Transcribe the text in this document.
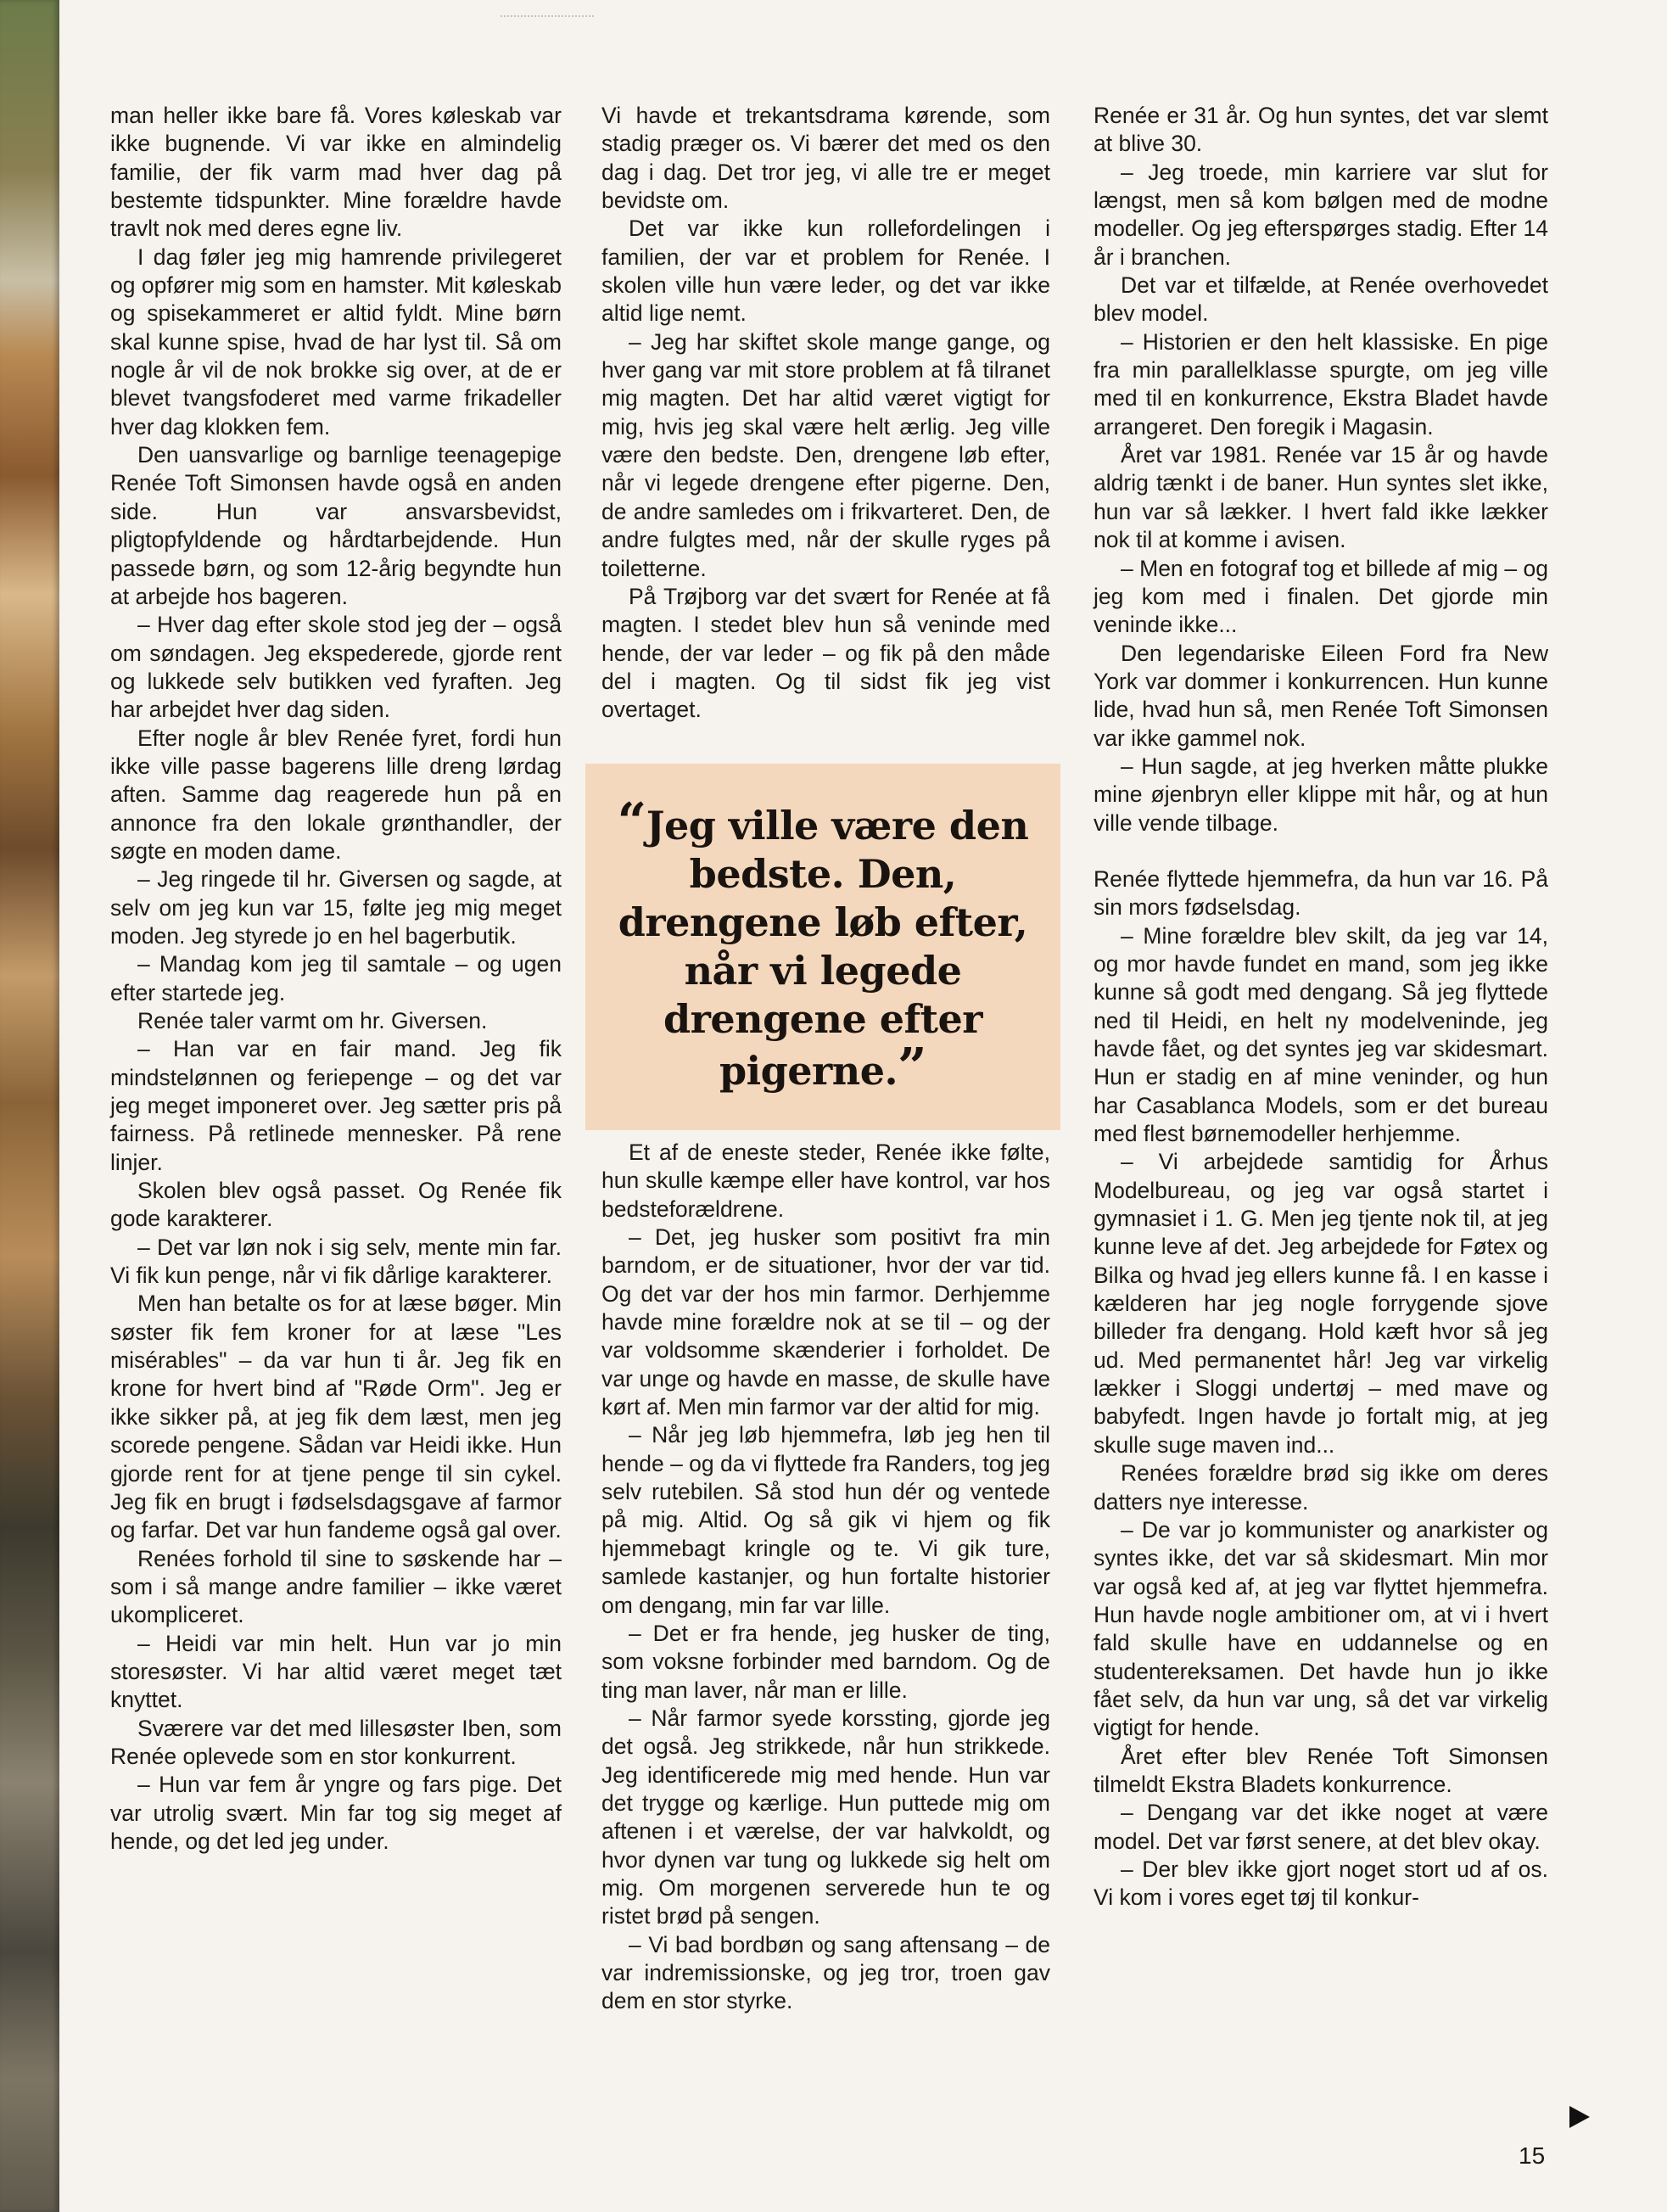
man heller ikke bare få. Vores køleskab var ikke bugnende. Vi var ikke en almindelig familie, der fik varm mad hver dag på bestemte tidspunkter. Mine forældre havde travlt nok med deres egne liv.

I dag føler jeg mig hamrende privilegeret og opfører mig som en hamster. Mit køleskab og spisekammeret er altid fyldt. Mine børn skal kunne spise, hvad de har lyst til. Så om nogle år vil de nok brokke sig over, at de er blevet tvangsfoderet med varme frikadeller hver dag klokken fem.

Den uansvarlige og barnlige teenagepige Renée Toft Simonsen havde også en anden side. Hun var ansvarsbevidst, pligtopfyldende og hårdtarbejdende. Hun passede børn, og som 12-årig begyndte hun at arbejde hos bageren.

– Hver dag efter skole stod jeg der – også om søndagen. Jeg ekspederede, gjorde rent og lukkede selv butikken ved fyraften. Jeg har arbejdet hver dag siden.

Efter nogle år blev Renée fyret, fordi hun ikke ville passe bagerens lille dreng lørdag aften. Samme dag reagerede hun på en annonce fra den lokale grønthandler, der søgte en moden dame.

– Jeg ringede til hr. Giversen og sagde, at selv om jeg kun var 15, følte jeg mig meget moden. Jeg styrede jo en hel bagerbutik.

– Mandag kom jeg til samtale – og ugen efter startede jeg.

Renée taler varmt om hr. Giversen.

– Han var en fair mand. Jeg fik mindstelønnen og feriepenge – og det var jeg meget imponeret over. Jeg sætter pris på fairness. På retlinede mennesker. På rene linjer.

Skolen blev også passet. Og Renée fik gode karakterer.

– Det var løn nok i sig selv, mente min far. Vi fik kun penge, når vi fik dårlige karakterer.

Men han betalte os for at læse bøger. Min søster fik fem kroner for at læse "Les misérables" – da var hun ti år. Jeg fik en krone for hvert bind af "Røde Orm". Jeg er ikke sikker på, at jeg fik dem læst, men jeg scorede pengene. Sådan var Heidi ikke. Hun gjorde rent for at tjene penge til sin cykel. Jeg fik en brugt i fødselsdagsgave af farmor og farfar. Det var hun fandeme også gal over.

Renées forhold til sine to søskende har – som i så mange andre familier – ikke været ukompliceret.

– Heidi var min helt. Hun var jo min storesøster. Vi har altid været meget tæt knyttet.

Sværere var det med lillesøster Iben, som Renée oplevede som en stor konkurrent.

– Hun var fem år yngre og fars pige. Det var utrolig svært. Min far tog sig meget af hende, og det led jeg under.

Vi havde et trekantsdrama kørende, som stadig præger os. Vi bærer det med os den dag i dag. Det tror jeg, vi alle tre er meget bevidste om.

Det var ikke kun rollefordelingen i familien, der var et problem for Renée. I skolen ville hun være leder, og det var ikke altid lige nemt.

– Jeg har skiftet skole mange gange, og hver gang var mit store problem at få tilranet mig magten. Det har altid været vigtigt for mig, hvis jeg skal være helt ærlig. Jeg ville være den bedste. Den, drengene løb efter, når vi legede drengene efter pigerne. Den, de andre samledes om i frikvarteret. Den, de andre fulgtes med, når der skulle ryges på toiletterne.

På Trøjborg var det svært for Renée at få magten. I stedet blev hun så veninde med hende, der var leder – og fik på den måde del i magten. Og til sidst fik jeg vist overtaget.

“Jeg ville være den bedste. Den, drengene løb efter, når vi legede drengene efter pigerne.”

Et af de eneste steder, Renée ikke følte, hun skulle kæmpe eller have kontrol, var hos bedsteforældrene.

– Det, jeg husker som positivt fra min barndom, er de situationer, hvor der var tid. Og det var der hos min farmor. Derhjemme havde mine forældre nok at se til – og der var voldsomme skænderier i forholdet. De var unge og havde en masse, de skulle have kørt af. Men min farmor var der altid for mig.

– Når jeg løb hjemmefra, løb jeg hen til hende – og da vi flyttede fra Randers, tog jeg selv rutebilen. Så stod hun dér og ventede på mig. Altid. Og så gik vi hjem og fik hjemmebagt kringle og te. Vi gik ture, samlede kastanjer, og hun fortalte historier om dengang, min far var lille.

– Det er fra hende, jeg husker de ting, som voksne forbinder med barndom. Og de ting man laver, når man er lille.

– Når farmor syede korssting, gjorde jeg det også. Jeg strikkede, når hun strikkede. Jeg identificerede mig med hende. Hun var det trygge og kærlige. Hun puttede mig om aftenen i et værelse, der var halvkoldt, og hvor dynen var tung og lukkede sig helt om mig. Om morgenen serverede hun te og ristet brød på sengen.

– Vi bad bordbøn og sang aftensang – de var indremissionske, og jeg tror, troen gav dem en stor styrke.

Renée er 31 år. Og hun syntes, det var slemt at blive 30.

– Jeg troede, min karriere var slut for længst, men så kom bølgen med de modne modeller. Og jeg efterspørges stadig. Efter 14 år i branchen.

Det var et tilfælde, at Renée overhovedet blev model.

– Historien er den helt klassiske. En pige fra min parallelklasse spurgte, om jeg ville med til en konkurrence, Ekstra Bladet havde arrangeret. Den foregik i Magasin.

Året var 1981. Renée var 15 år og havde aldrig tænkt i de baner. Hun syntes slet ikke, hun var så lækker. I hvert fald ikke lækker nok til at komme i avisen.

– Men en fotograf tog et billede af mig – og jeg kom med i finalen. Det gjorde min veninde ikke...

Den legendariske Eileen Ford fra New York var dommer i konkurrencen. Hun kunne lide, hvad hun så, men Renée Toft Simonsen var ikke gammel nok.

– Hun sagde, at jeg hverken måtte plukke mine øjenbryn eller klippe mit hår, og at hun ville vende tilbage.

Renée flyttede hjemmefra, da hun var 16. På sin mors fødselsdag.

– Mine forældre blev skilt, da jeg var 14, og mor havde fundet en mand, som jeg ikke kunne så godt med dengang. Så jeg flyttede ned til Heidi, en helt ny modelveninde, jeg havde fået, og det syntes jeg var skidesmart. Hun er stadig en af mine veninder, og hun har Casablanca Models, som er det bureau med flest børnemodeller herhjemme.

– Vi arbejdede samtidig for Århus Modelbureau, og jeg var også startet i gymnasiet i 1. G. Men jeg tjente nok til, at jeg kunne leve af det. Jeg arbejdede for Føtex og Bilka og hvad jeg ellers kunne få. I en kasse i kælderen har jeg nogle forrygende sjove billeder fra dengang. Hold kæft hvor så jeg ud. Med permanentet hår! Jeg var virkelig lækker i Sloggi undertøj – med mave og babyfedt. Ingen havde jo fortalt mig, at jeg skulle suge maven ind...

Renées forældre brød sig ikke om deres datters nye interesse.

– De var jo kommunister og anarkister og syntes ikke, det var så skidesmart. Min mor var også ked af, at jeg var flyttet hjemmefra. Hun havde nogle ambitioner om, at vi i hvert fald skulle have en uddannelse og en studentereksamen. Det havde hun jo ikke fået selv, da hun var ung, så det var virkelig vigtigt for hende.

Året efter blev Renée Toft Simonsen tilmeldt Ekstra Bladets konkurrence.

– Dengang var det ikke noget at være model. Det var først senere, at det blev okay.

– Der blev ikke gjort noget stort ud af os. Vi kom i vores eget tøj til konkur-

15
